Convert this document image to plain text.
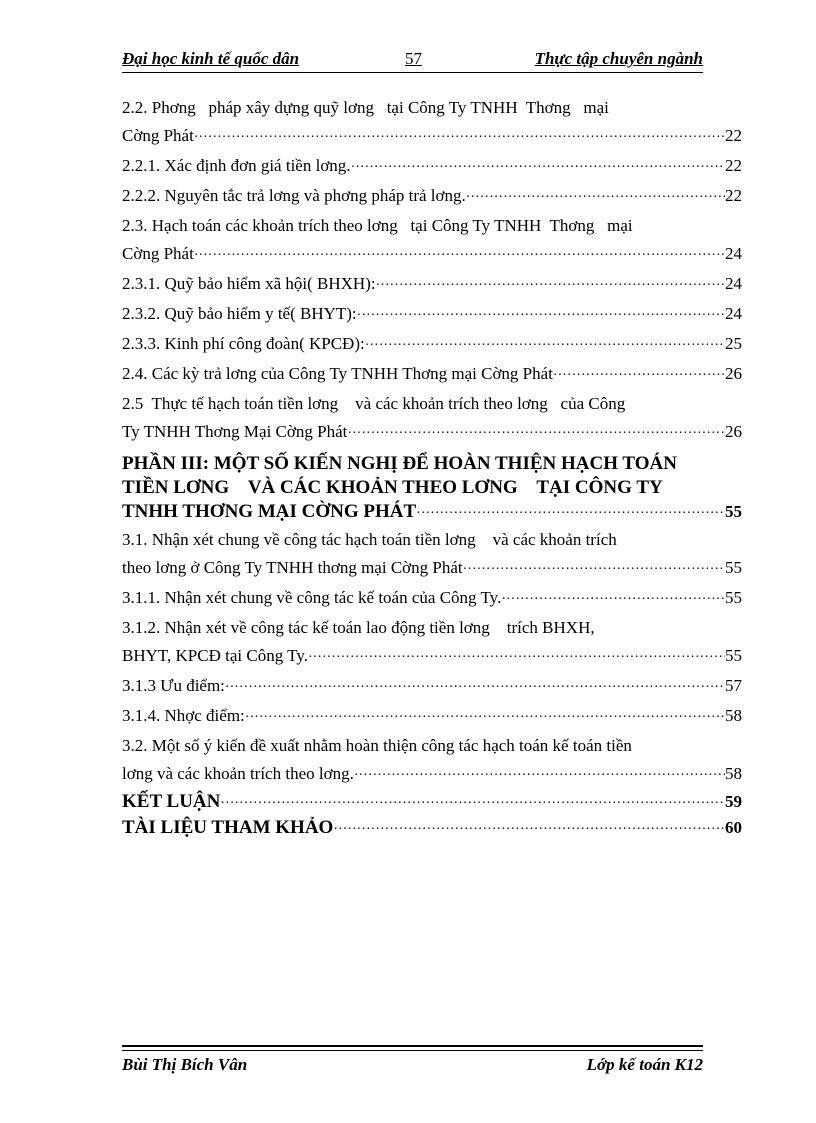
Đại học kinh tế quốc dân	57	Thực tập chuyên ngành
2.2. Phơng   pháp xây dựng quỹ lơng   tại Công Ty TNHH  Thơng   mại
Cờng Phát ·····	22
2.2.1. Xác định đơn giá tiền lơng. ·····	22
2.2.2. Nguyên tắc trả lơng và phơng pháp trả lơng. ·····	22
2.3. Hạch toán các khoản trích theo lơng   tại Công Ty TNHH  Thơng   mại
Cờng Phát ·····	24
2.3.1. Quỹ bảo hiểm xã hội( BHXH): ·····	24
2.3.2. Quỹ bảo hiểm y tế( BHYT): ·····	24
2.3.3. Kinh phí công đoàn( KPCĐ): ·····	25
2.4. Các kỳ trả lơng của Công Ty TNHH Thơng mại Cờng Phát ·····	26
2.5  Thực tế hạch toán tiền lơng    và các khoản trích theo lơng   của Công
Ty TNHH Thơng Mại Cờng Phát ·····	26
PHẦN III: MỘT SỐ KIẾN NGHỊ ĐỂ HOÀN THIỆN HẠCH TOÁN
TIỀN LƠNG    VÀ CÁC KHOẢN THEO LƠNG    TẠI CÔNG TY
TNHH THƠNG MẠI CỜNG PHÁT ·····	55
3.1. Nhận xét chung về công tác hạch toán tiền lơng    và các khoản trích
theo lơng ở Công Ty TNHH thơng mại Cờng Phát ·····	55
3.1.1. Nhận xét chung về công tác kế toán của Công Ty. ·····	55
3.1.2. Nhận xét về công tác kế toán lao động tiền lơng    trích BHXH,
BHYT, KPCĐ tại Công Ty. ·····	55
3.1.3 Ưu điểm: ·····	57
3.1.4. Nhợc điểm: ·····	58
3.2. Một số ý kiến đề xuất nhằm hoàn thiện công tác hạch toán kế toán tiền
lơng và các khoản trích theo lơng. ·····	58
KẾT LUẬN ·····	59
TÀI LIỆU THAM KHẢO ·····	60
Bùi Thị Bích Vân	Lớp kế toán K12
